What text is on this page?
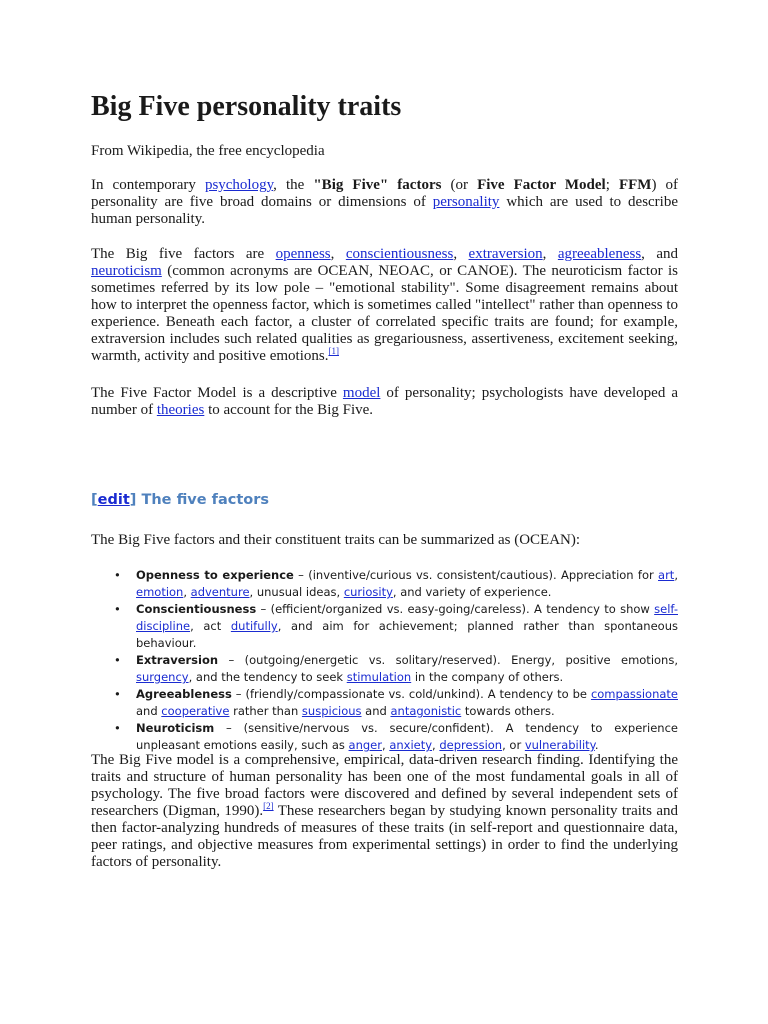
Big Five personality traits

From Wikipedia, the free encyclopedia

In contemporary psychology, the "Big Five" factors (or Five Factor Model; FFM) of personality are five broad domains or dimensions of personality which are used to describe human personality.

The Big five factors are openness, conscientiousness, extraversion, agreeableness, and neuroticism (common acronyms are OCEAN, NEOAC, or CANOE). The neuroticism factor is sometimes referred by its low pole – "emotional stability". Some disagreement remains about how to interpret the openness factor, which is sometimes called "intellect" rather than openness to experience. Beneath each factor, a cluster of correlated specific traits are found; for example, extraversion includes such related qualities as gregariousness, assertiveness, excitement seeking, warmth, activity and positive emotions.[1]

The Five Factor Model is a descriptive model of personality; psychologists have developed a number of theories to account for the Big Five.

[edit] The five factors

The Big Five factors and their constituent traits can be summarized as (OCEAN):

• Openness to experience – (inventive/curious vs. consistent/cautious). Appreciation for art, emotion, adventure, unusual ideas, curiosity, and variety of experience.
• Conscientiousness – (efficient/organized vs. easy-going/careless). A tendency to show self-discipline, act dutifully, and aim for achievement; planned rather than spontaneous behaviour.
• Extraversion – (outgoing/energetic vs. solitary/reserved). Energy, positive emotions, surgency, and the tendency to seek stimulation in the company of others.
• Agreeableness – (friendly/compassionate vs. cold/unkind). A tendency to be compassionate and cooperative rather than suspicious and antagonistic towards others.
• Neuroticism – (sensitive/nervous vs. secure/confident). A tendency to experience unpleasant emotions easily, such as anger, anxiety, depression, or vulnerability.

The Big Five model is a comprehensive, empirical, data-driven research finding. Identifying the traits and structure of human personality has been one of the most fundamental goals in all of psychology. The five broad factors were discovered and defined by several independent sets of researchers (Digman, 1990).[2] These researchers began by studying known personality traits and then factor-analyzing hundreds of measures of these traits (in self-report and questionnaire data, peer ratings, and objective measures from experimental settings) in order to find the underlying factors of personality.
